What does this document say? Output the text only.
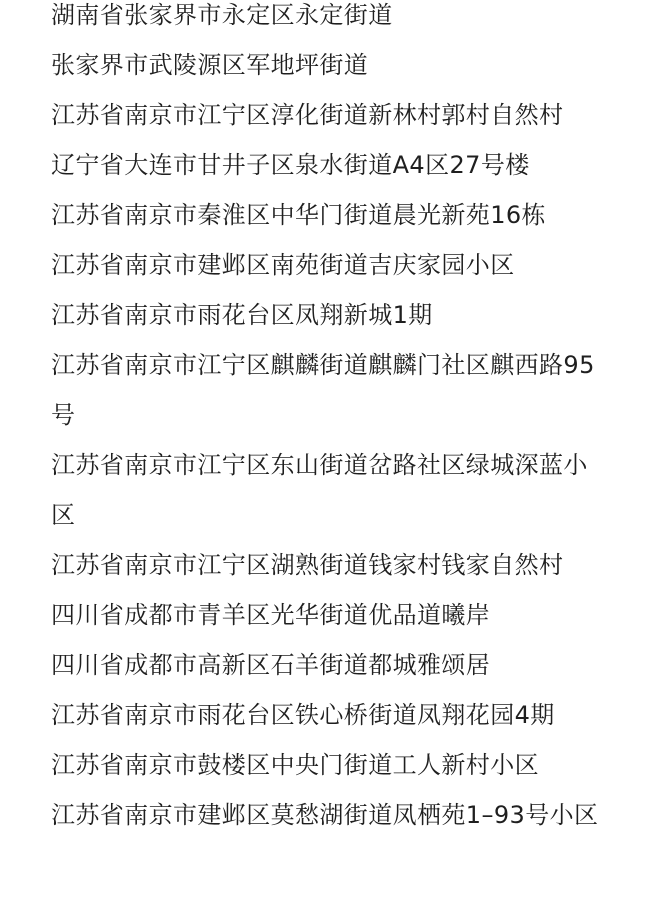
湖南省张家界市永定区永定街道
张家界市武陵源区军地坪街道
江苏省南京市江宁区淳化街道新林村郭村自然村
辽宁省大连市甘井子区泉水街道A4区27号楼
江苏省南京市秦淮区中华门街道晨光新苑16栋
江苏省南京市建邺区南苑街道吉庆家园小区
江苏省南京市雨花台区凤翔新城1期
江苏省南京市江宁区麒麟街道麒麟门社区麒西路95号
江苏省南京市江宁区东山街道岔路社区绿城深蓝小区
江苏省南京市江宁区湖熟街道钱家村钱家自然村
四川省成都市青羊区光华街道优品道曦岸
四川省成都市高新区石羊街道都城雅颂居
江苏省南京市雨花台区铁心桥街道凤翔花园4期
江苏省南京市鼓楼区中央门街道工人新村小区
江苏省南京市建邺区莫愁湖街道凤栖苑1–93号小区
